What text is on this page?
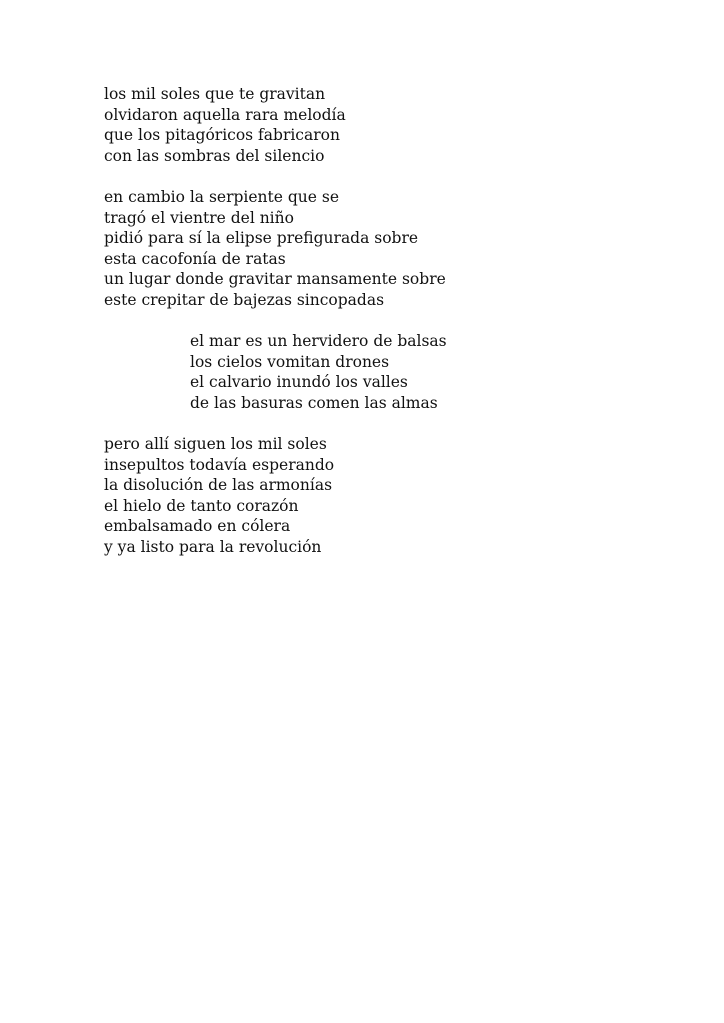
los mil soles que te gravitan
olvidaron aquella rara melodía
que los pitagóricos fabricaron
con las sombras del silencio
en cambio la serpiente que se
tragó el vientre del niño
pidió para sí la elipse prefigurada sobre
esta cacofonía de ratas
un lugar donde gravitar mansamente sobre
este crepitar de bajezas sincopadas
el mar es un hervidero de balsas
los cielos vomitan drones
el calvario inundó los valles
de las basuras comen las almas
pero allí siguen los mil soles
insepultos todavía esperando
la disolución de las armonías
el hielo de tanto corazón
embalsamado en cólera
y ya listo para la revolución
